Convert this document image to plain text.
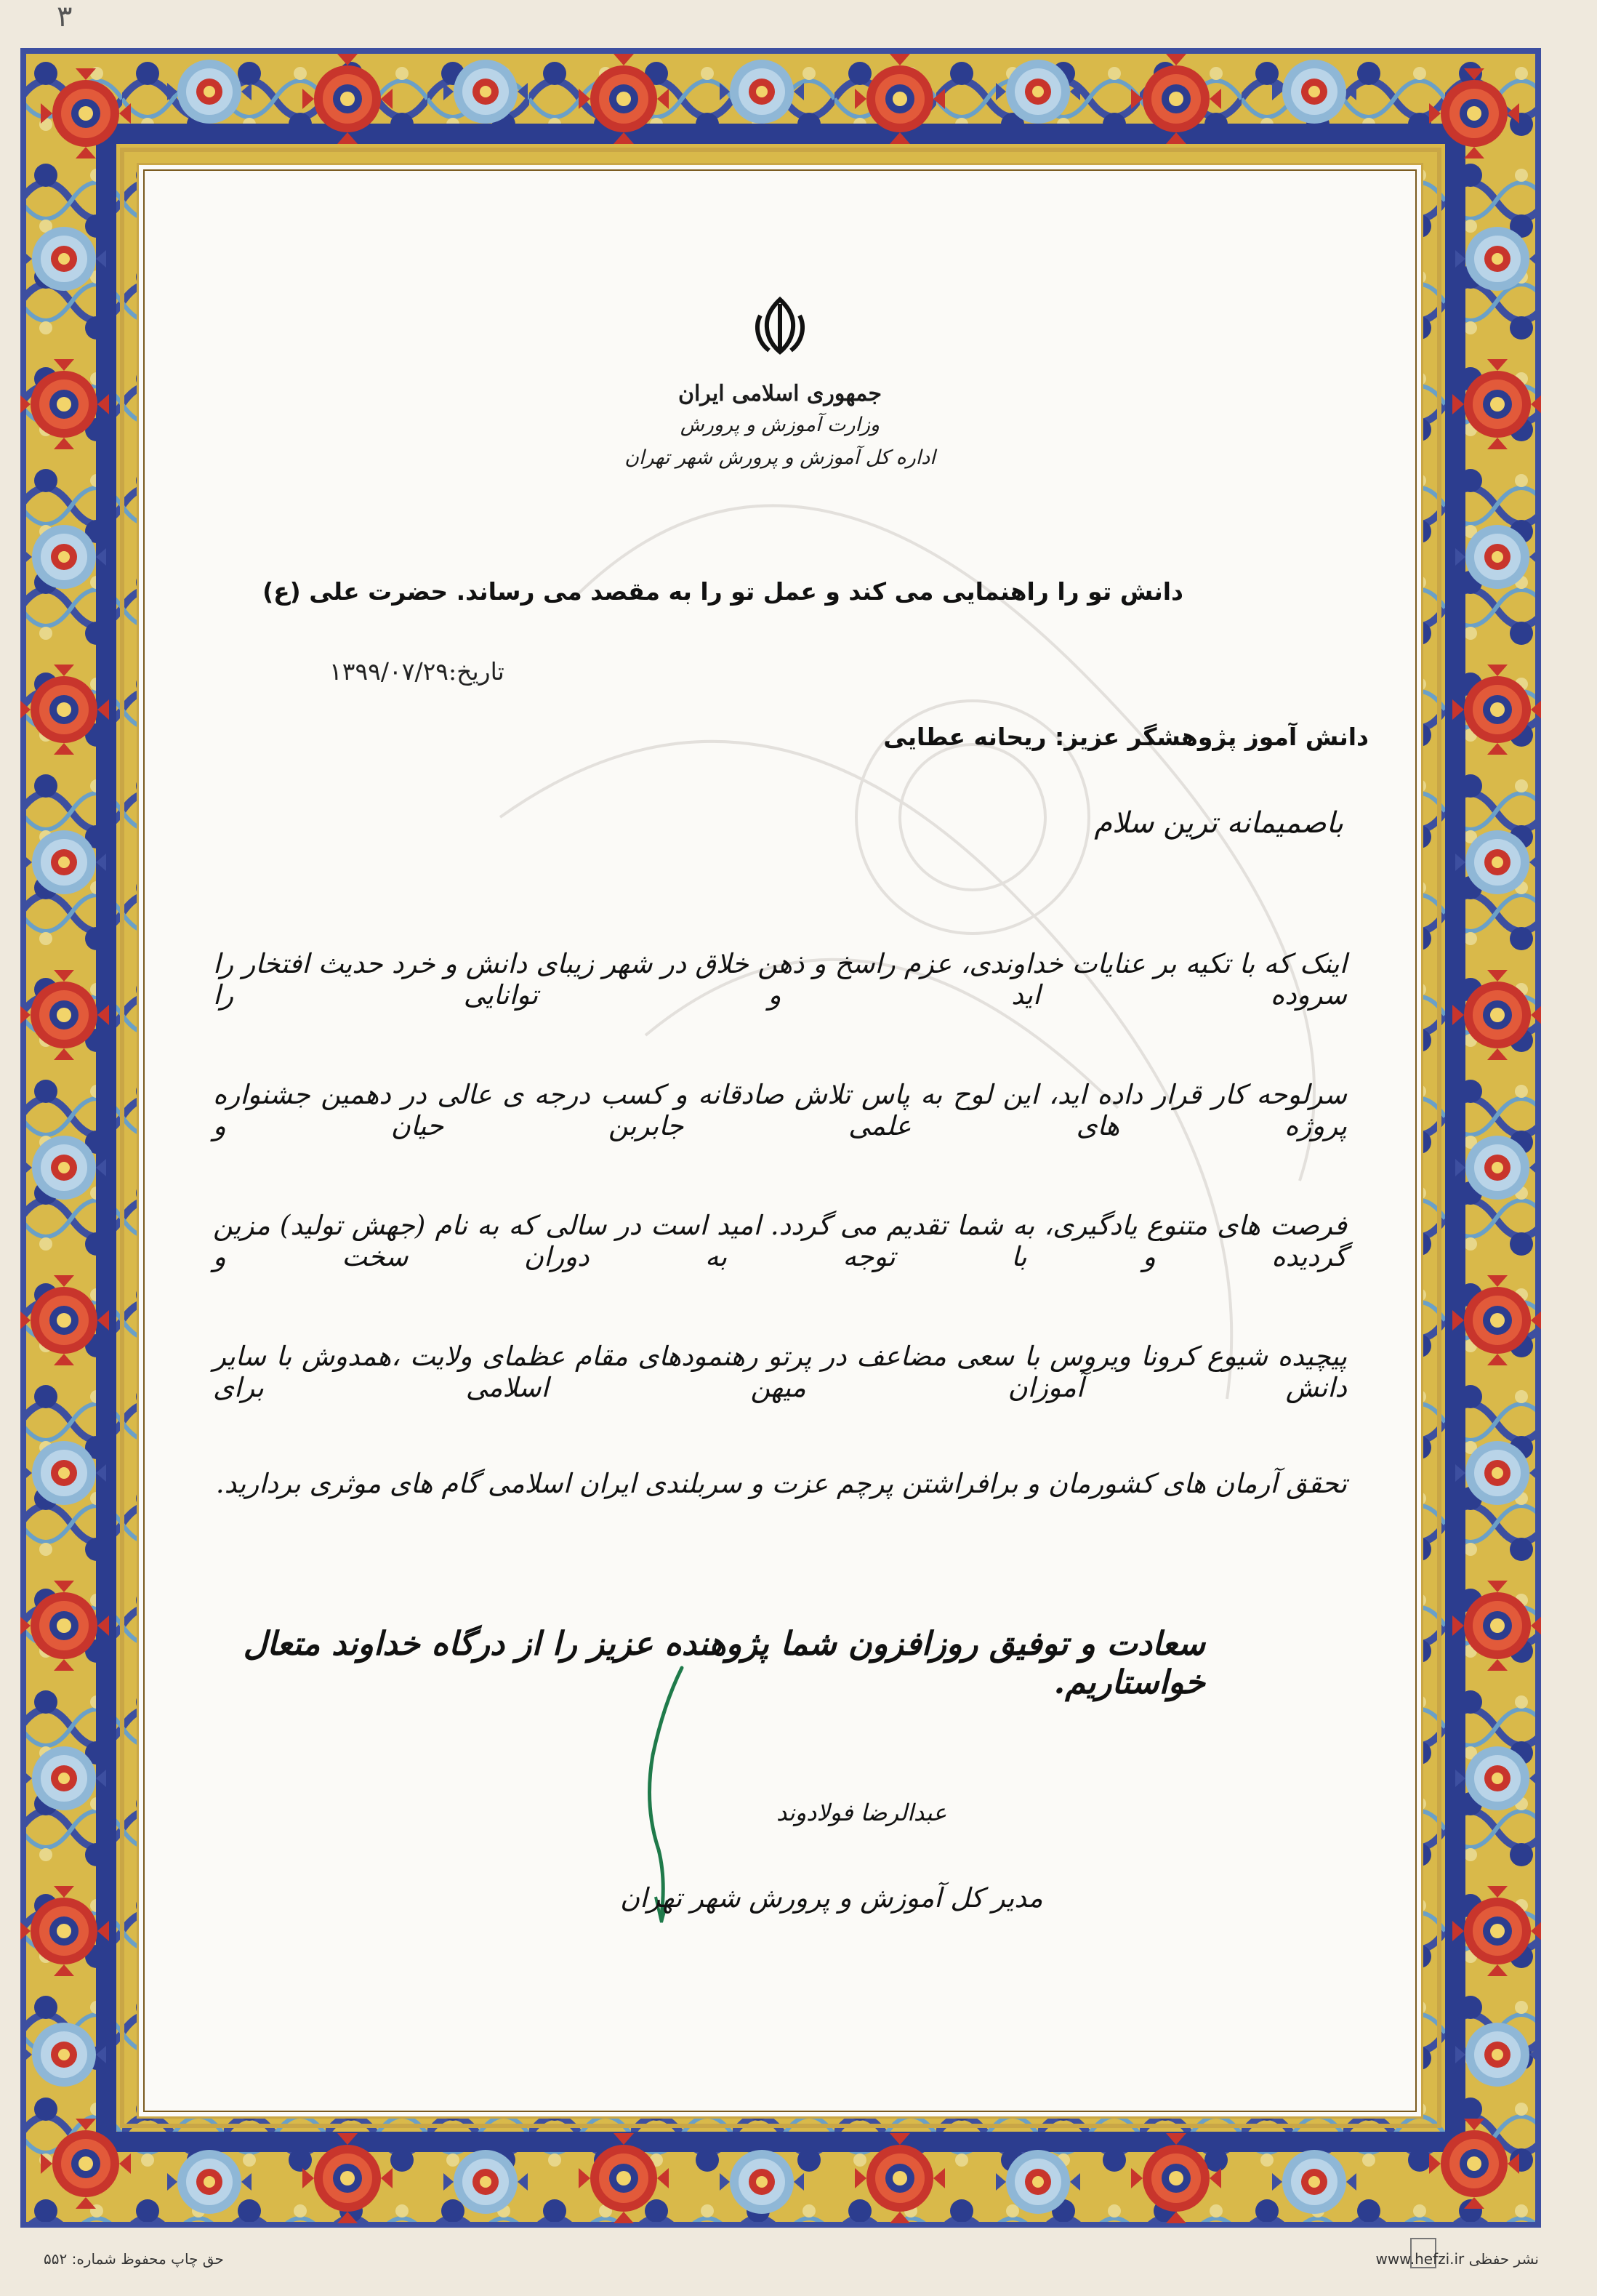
۳
جمهوری اسلامی ایران
وزارت آموزش و پرورش
اداره کل آموزش و پرورش شهر تهران
دانش تو را راهنمایی می کند و عمل تو را به مقصد می رساند. حضرت علی (ع)
تاریخ:۱۳۹۹/۰۷/۲۹
دانش آموز پژوهشگر عزیز: ریحانه عطایی
باصمیمانه ترین سلام
اینک که با تکیه بر عنایات خداوندی، عزم راسخ و ذهن خلاق در شهر زیبای دانش و خرد حدیث افتخار را سروده اید و توانایی را
سرلوحه کار قرار داده اید، این لوح به پاس تلاش صادقانه و کسب درجه ی عالی در دهمین جشنواره پروژه های علمی جابربن حیان و
فرصت های متنوع یادگیری، به شما تقدیم می گردد. امید است در سالی که به نام (جهش تولید) مزین گردیده و با توجه به دوران سخت و
پیچیده شیوع کرونا ویروس با سعی مضاعف در پرتو رهنمودهای مقام عظمای ولایت ،همدوش با سایر دانش آموزان میهن اسلامی برای
تحقق آرمان های کشورمان و برافراشتن پرچم عزت و سربلندی ایران اسلامی گام های موثری بردارید.
سعادت و توفیق روزافزون شما پژوهنده عزیز را از درگاه خداوند متعال خواستاریم.
عبدالرضا فولادوند
مدیر کل آموزش و پرورش شهر تهران
حق چاپ محفوظ شماره: ۵۵۲	نشر حفظی www.hefzi.ir
